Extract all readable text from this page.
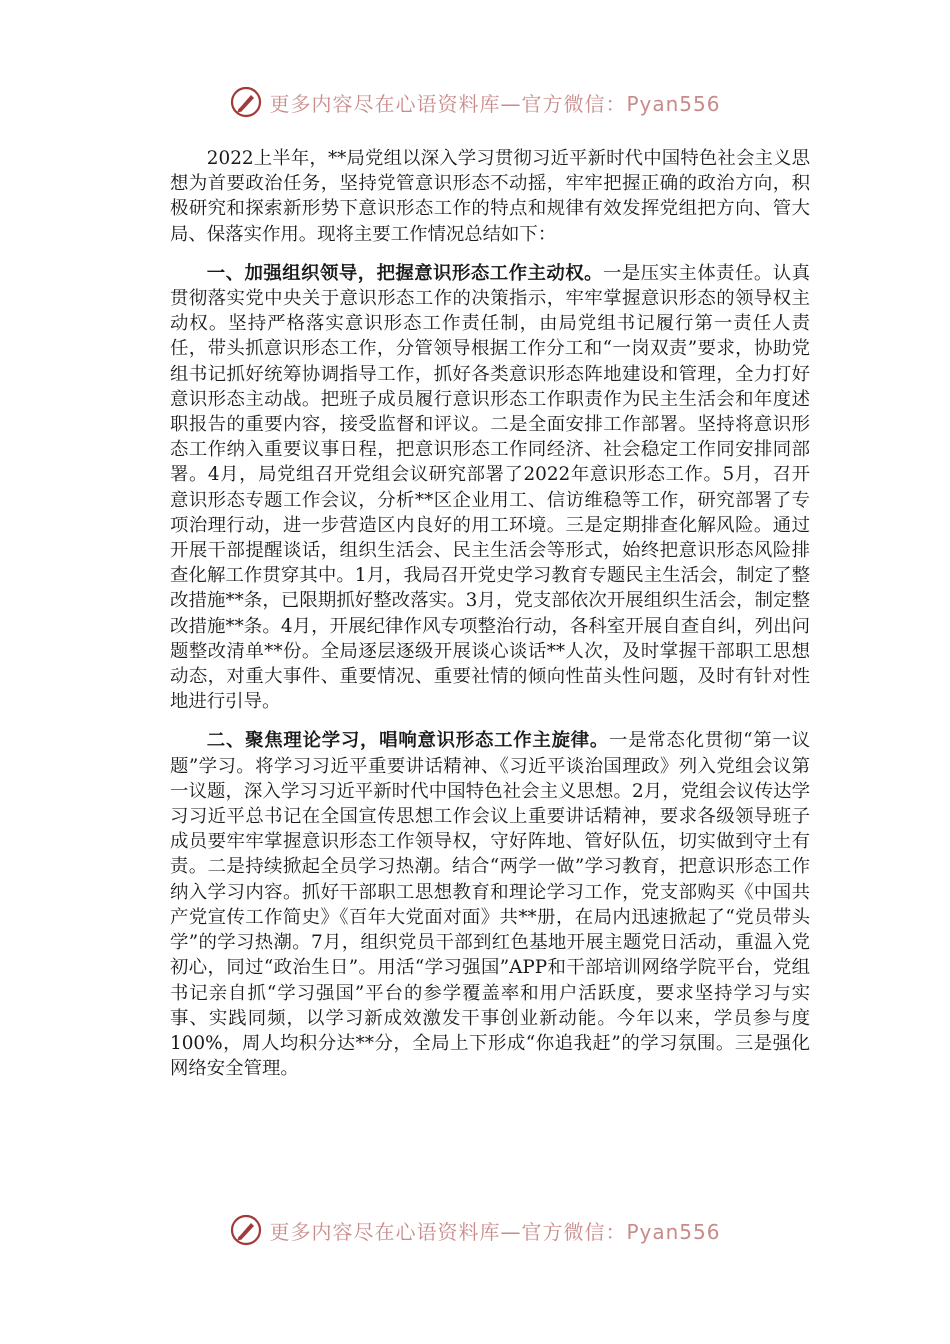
更多内容尽在心语资料库—官方微信：Pyan556

2022上半年，**局党组以深入学习贯彻习近平新时代中国特色社会主义思想为首要政治任务，坚持党管意识形态不动摇，牢牢把握正确的政治方向，积极研究和探索新形势下意识形态工作的特点和规律有效发挥党组把方向、管大局、保落实作用。现将主要工作情况总结如下：

一、加强组织领导，把握意识形态工作主动权。一是压实主体责任。认真贯彻落实党中央关于意识形态工作的决策指示，牢牢掌握意识形态的领导权主动权。坚持严格落实意识形态工作责任制，由局党组书记履行第一责任人责任，带头抓意识形态工作，分管领导根据工作分工和“一岗双责”要求，协助党组书记抓好统筹协调指导工作，抓好各类意识形态阵地建设和管理，全力打好意识形态主动战。把班子成员履行意识形态工作职责作为民主生活会和年度述职报告的重要内容，接受监督和评议。二是全面安排工作部署。坚持将意识形态工作纳入重要议事日程，把意识形态工作同经济、社会稳定工作同安排同部署。4月，局党组召开党组会议研究部署了2022年意识形态工作。5月，召开意识形态专题工作会议，分析**区企业用工、信访维稳等工作，研究部署了专项治理行动，进一步营造区内良好的用工环境。三是定期排查化解风险。通过开展干部提醒谈话，组织生活会、民主生活会等形式，始终把意识形态风险排查化解工作贯穿其中。1月，我局召开党史学习教育专题民主生活会，制定了整改措施**条，已限期抓好整改落实。3月，党支部依次开展组织生活会，制定整改措施**条。4月，开展纪律作风专项整治行动，各科室开展自查自纠，列出问题整改清单**份。全局逐层逐级开展谈心谈话**人次，及时掌握干部职工思想动态，对重大事件、重要情况、重要社情的倾向性苗头性问题，及时有针对性地进行引导。

二、聚焦理论学习，唱响意识形态工作主旋律。一是常态化贯彻“第一议题”学习。将学习习近平重要讲话精神、《习近平谈治国理政》列入党组会议第一议题，深入学习习近平新时代中国特色社会主义思想。2月，党组会议传达学习习近平总书记在全国宣传思想工作会议上重要讲话精神，要求各级领导班子成员要牢牢掌握意识形态工作领导权，守好阵地、管好队伍，切实做到守土有责。二是持续掀起全员学习热潮。结合“两学一做”学习教育，把意识形态工作纳入学习内容。抓好干部职工思想教育和理论学习工作，党支部购买《中国共产党宣传工作简史》《百年大党面对面》共**册，在局内迅速掀起了“党员带头学”的学习热潮。7月，组织党员干部到红色基地开展主题党日活动，重温入党初心，同过“政治生日”。用活“学习强国”APP和干部培训网络学院平台，党组书记亲自抓“学习强国”平台的参学覆盖率和用户活跃度，要求坚持学习与实事、实践同频，以学习新成效激发干事创业新动能。今年以来，学员参与度100%，周人均积分达**分，全局上下形成“你追我赶”的学习氛围。三是强化网络安全管理。

更多内容尽在心语资料库—官方微信：Pyan556
